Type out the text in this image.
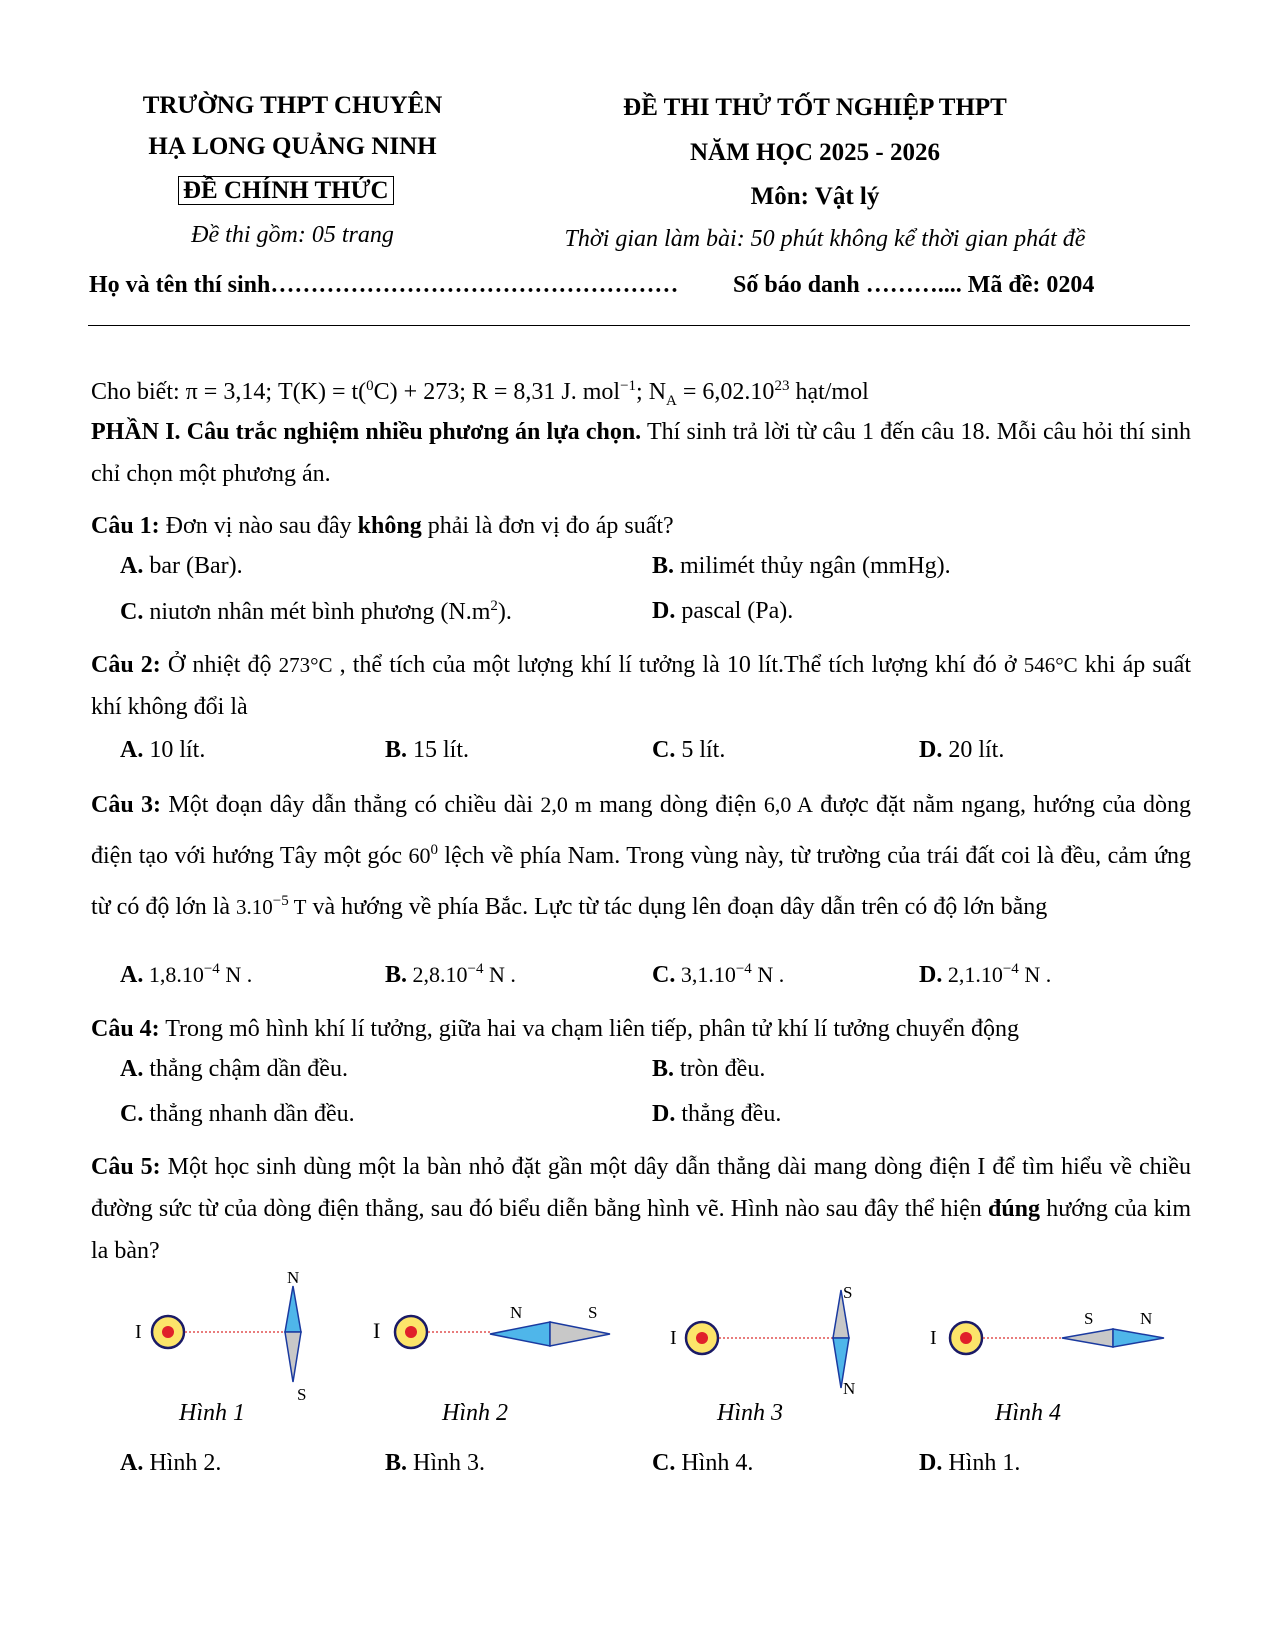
TRƯỜNG THPT CHUYÊN
HẠ LONG QUẢNG NINH
ĐỀ CHÍNH THỨC
Đề thi gồm: 05 trang
ĐỀ THI THỬ TỐT NGHIỆP THPT
NĂM HỌC 2025 - 2026
Môn: Vật lý
Thời gian làm bài: 50 phút không kể thời gian phát đề
Họ và tên thí sinh…………………………………………… Số báo danh ……….... Mã đề: 0204
Cho biết: π = 3,14; T(K) = t($^0$C) + 273; R = 8,31 J. mol$^{-1}$; $N_A = 6,02.10^{23}$ hạt/mol
PHẦN I. Câu trắc nghiệm nhiều phương án lựa chọn. Thí sinh trả lời từ câu 1 đến câu 18. Mỗi câu hỏi thí sinh chỉ chọn một phương án.
Câu 1: Đơn vị nào sau đây không phải là đơn vị đo áp suất?
A. bar (Bar).	B. milimét thủy ngân (mmHg).
C. niutơn nhân mét bình phương $(N.m^2)$.	D. pascal (Pa).
Câu 2: Ở nhiệt độ 273°C , thể tích của một lượng khí lí tưởng là 10 lít.Thể tích lượng khí đó ở 546°C khi áp suất khí không đổi là
A. 10 lít.	B. 15 lít.	C. 5 lít.	D. 20 lít.
Câu 3: Một đoạn dây dẫn thẳng có chiều dài 2,0 m mang dòng điện 6,0 A được đặt nằm ngang, hướng của dòng điện tạo với hướng Tây một góc $60^0$ lệch về phía Nam. Trong vùng này, từ trường của trái đất coi là đều, cảm ứng từ có độ lớn là $3.10^{-5}$ T và hướng về phía Bắc. Lực từ tác dụng lên đoạn dây dẫn trên có độ lớn bằng
A. $1,8.10^{-4}$ N .	B. $2,8.10^{-4}$ N .	C. $3,1.10^{-4}$ N .	D. $2,1.10^{-4}$ N .
Câu 4: Trong mô hình khí lí tưởng, giữa hai va chạm liên tiếp, phân tử khí lí tưởng chuyển động
A. thẳng chậm dần đều.	B. tròn đều.
C. thẳng nhanh dần đều.	D. thẳng đều.
Câu 5: Một học sinh dùng một la bàn nhỏ đặt gần một dây dẫn thẳng dài mang dòng điện I để tìm hiểu về chiều đường sức từ của dòng điện thẳng, sau đó biểu diễn bằng hình vẽ. Hình nào sau đây thể hiện đúng hướng của kim la bàn?
I
N
S
I
N	S
I
S
N
I
S	N
Hình 1	Hình 2	Hình 3	Hình 4
A. Hình 2.	B. Hình 3.	C. Hình 4.	D. Hình 1.
